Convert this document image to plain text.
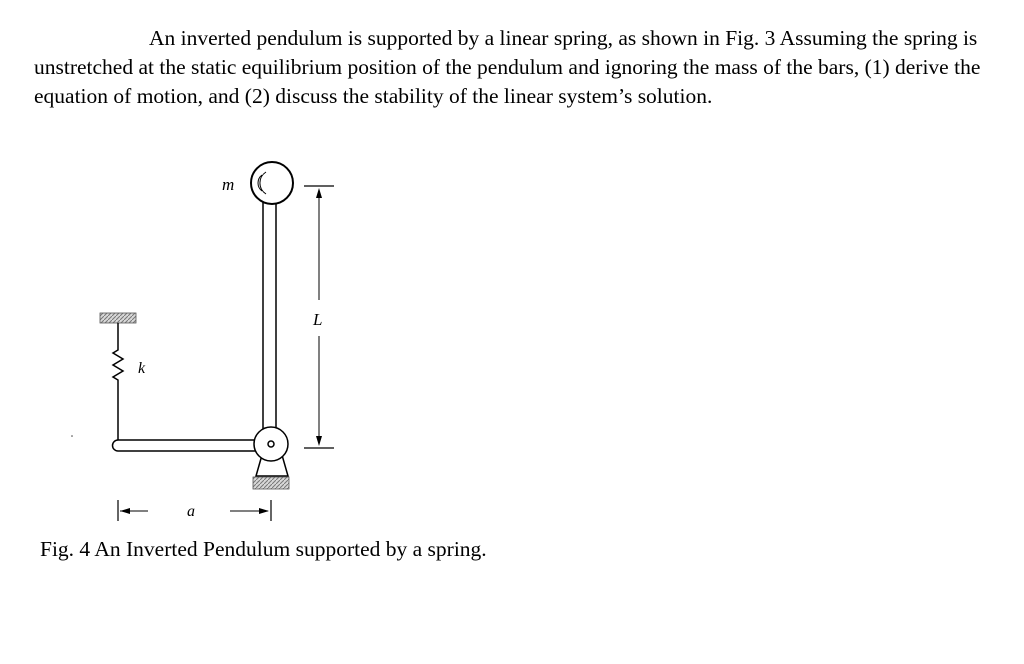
An inverted pendulum is supported by a linear spring, as shown in Fig. 3 Assuming the spring is unstretched at the static equilibrium position of the pendulum and ignoring the mass of the bars, (1) derive the equation of motion, and (2) discuss the stability of the linear system’s solution.

k
m
L
a

Fig. 4 An Inverted Pendulum supported by a spring.
